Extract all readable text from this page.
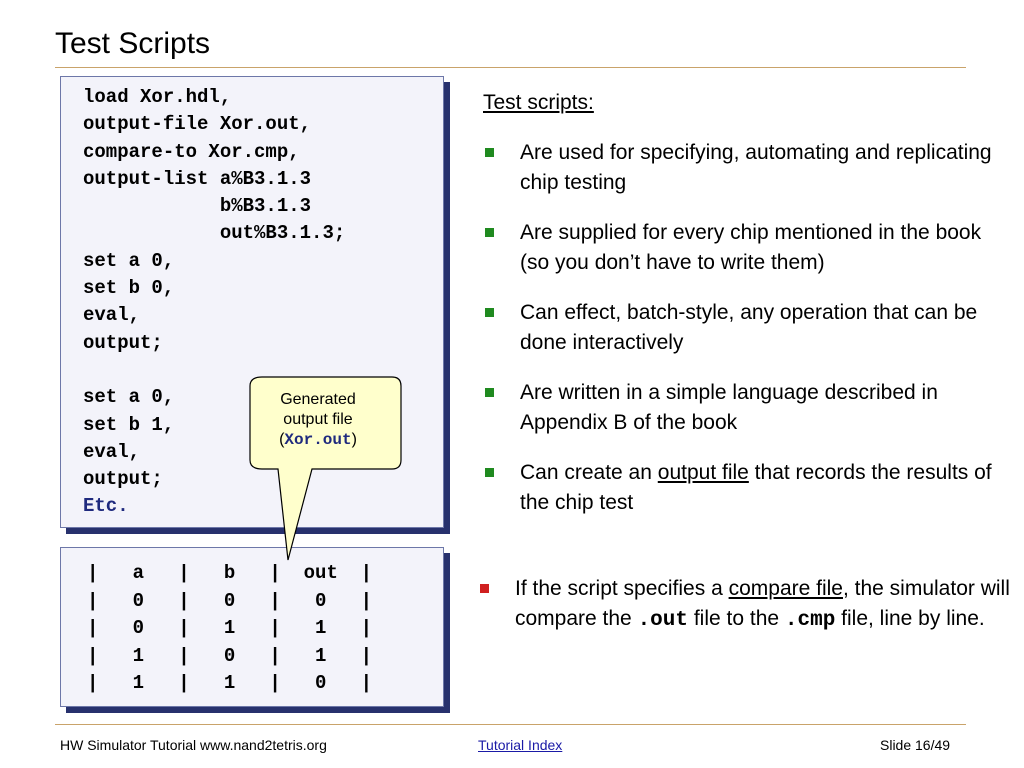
Test Scripts
load Xor.hdl,
output-file Xor.out,
compare-to Xor.cmp,
output-list a%B3.1.3
b%B3.1.3
out%B3.1.3;
set a 0,
set b 0,
eval,
output;

set a 0,
set b 1,
eval,
output;
Etc.
|   a   |   b   |  out  |
|   0   |   0   |   0   |
|   0   |   1   |   1   |
|   1   |   0   |   1   |
|   1   |   1   |   0   |
Generated
output file
(Xor.out)
Test scripts:
Are used for specifying, automating and replicating chip testing
Are supplied for every chip mentioned in the book (so you don’t have to write them)
Can effect, batch-style, any operation that can be done interactively
Are written in a simple language described in Appendix B of the book
Can create an output file that records the results of the chip test
If the script specifies a compare file, the simulator will compare the .out file to the .cmp file, line by line.
HW Simulator Tutorial www.nand2tetris.org	Tutorial Index	Slide 16/49
